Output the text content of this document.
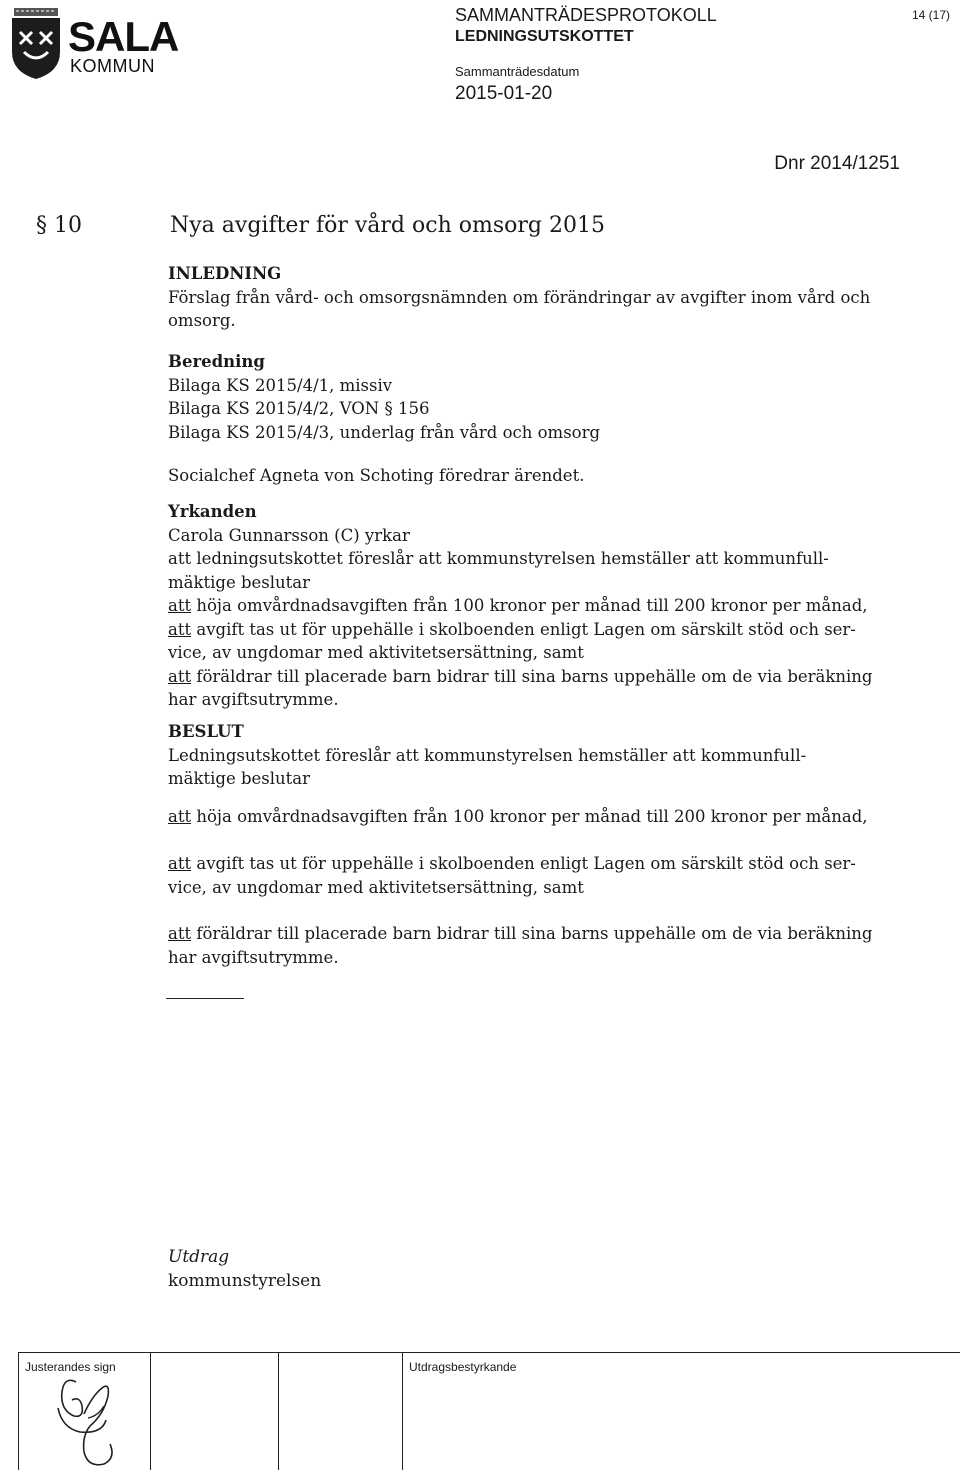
SALA
KOMMUN
SAMMANTRÄDESPROTOKOLL
LEDNINGSUTSKOTTET
Sammanträdesdatum
2015-01-20
14 (17)
Dnr 2014/1251
§ 10	Nya avgifter för vård och omsorg 2015

INLEDNING

Förslag från vård- och omsorgsnämnden om förändringar av avgifter inom vård och

omsorg.

Beredning

Bilaga KS 2015/4/1, missiv

Bilaga KS 2015/4/2, VON § 156

Bilaga KS 2015/4/3, underlag från vård och omsorg

Socialchef Agneta von Schoting föredrar ärendet.

Yrkanden

Carola Gunnarsson (C) yrkar

att ledningsutskottet föreslår att kommunstyrelsen hemställer att kommunfull-

mäktige beslutar

att höja omvårdnadsavgiften från 100 kronor per månad till 200 kronor per månad,

att avgift tas ut för uppehälle i skolboenden enligt Lagen om särskilt stöd och ser-

vice, av ungdomar med aktivitetsersättning, samt

att föräldrar till placerade barn bidrar till sina barns uppehälle om de via beräkning

har avgiftsutrymme.

BESLUT

Ledningsutskottet föreslår att kommunstyrelsen hemställer att kommunfull-

mäktige beslutar

att höja omvårdnadsavgiften från 100 kronor per månad till 200 kronor per månad,

att avgift tas ut för uppehälle i skolboenden enligt Lagen om särskilt stöd och ser-

vice, av ungdomar med aktivitetsersättning, samt

att föräldrar till placerade barn bidrar till sina barns uppehälle om de via beräkning

har avgiftsutrymme.

Utdrag
kommunstyrelsen
Justerandes sign	Utdragsbestyrkande
